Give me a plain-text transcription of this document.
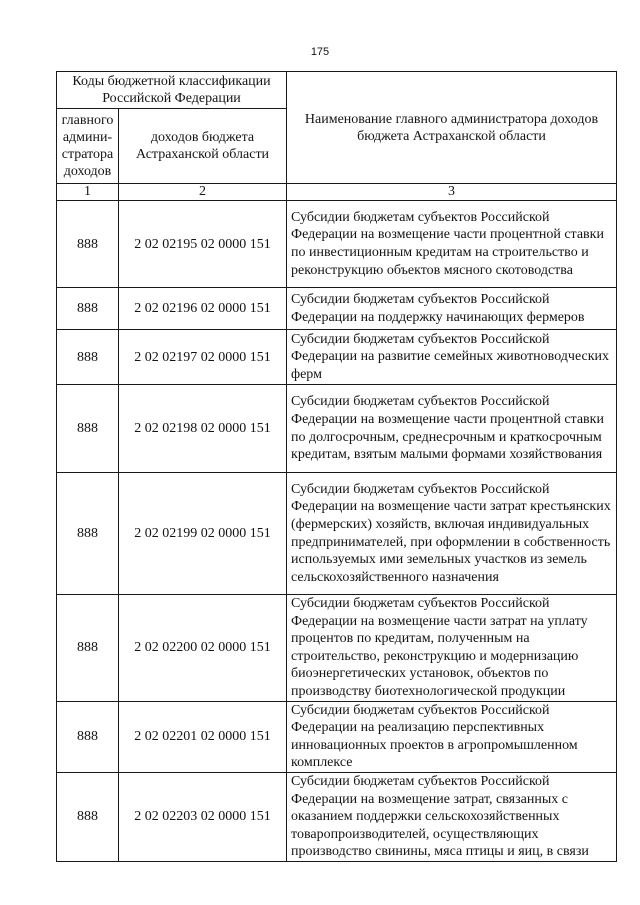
175
Коды бюджетной классификации Российской Федерации		Наименование главного администратора доходов бюджета Астраханской области
главного админи-стратора доходов	доходов бюджета Астраханской области	
1	2	3
888	2 02 02195 02 0000 151	Субсидии бюджетам субъектов Российской Федерации на возмещение части процентной ставки по инвестиционным кредитам на строительство и реконструкцию объектов мясного скотоводства
888	2 02 02196 02 0000 151	Субсидии бюджетам субъектов Российской Федерации на поддержку начинающих фермеров
888	2 02 02197 02 0000 151	Субсидии бюджетам субъектов Российской Федерации на развитие семейных животноводческих ферм
888	2 02 02198 02 0000 151	Субсидии бюджетам субъектов Российской Федерации на возмещение части процентной ставки по долгосрочным, среднесрочным и краткосрочным кредитам, взятым малыми формами хозяйствования
888	2 02 02199 02 0000 151	Субсидии бюджетам субъектов Российской Федерации на возмещение части затрат крестьянских (фермерских) хозяйств, включая индивидуальных предпринимателей, при оформлении в собственность используемых ими земельных участков из земель сельскохозяйственного назначения
888	2 02 02200 02 0000 151	Субсидии бюджетам субъектов Российской Федерации на возмещение части затрат на уплату процентов по кредитам, полученным на строительство, реконструкцию и модернизацию биоэнергетических установок, объектов по производству биотехнологической продукции
888	2 02 02201 02 0000 151	Субсидии бюджетам субъектов Российской Федерации на реализацию перспективных инновационных проектов в агропромышленном комплексе
888	2 02 02203 02 0000 151	Субсидии бюджетам субъектов Российской Федерации на возмещение затрат, связанных с оказанием поддержки сельскохозяйственных товаропроизводителей, осуществляющих производство свинины, мяса птицы и яиц, в связи
